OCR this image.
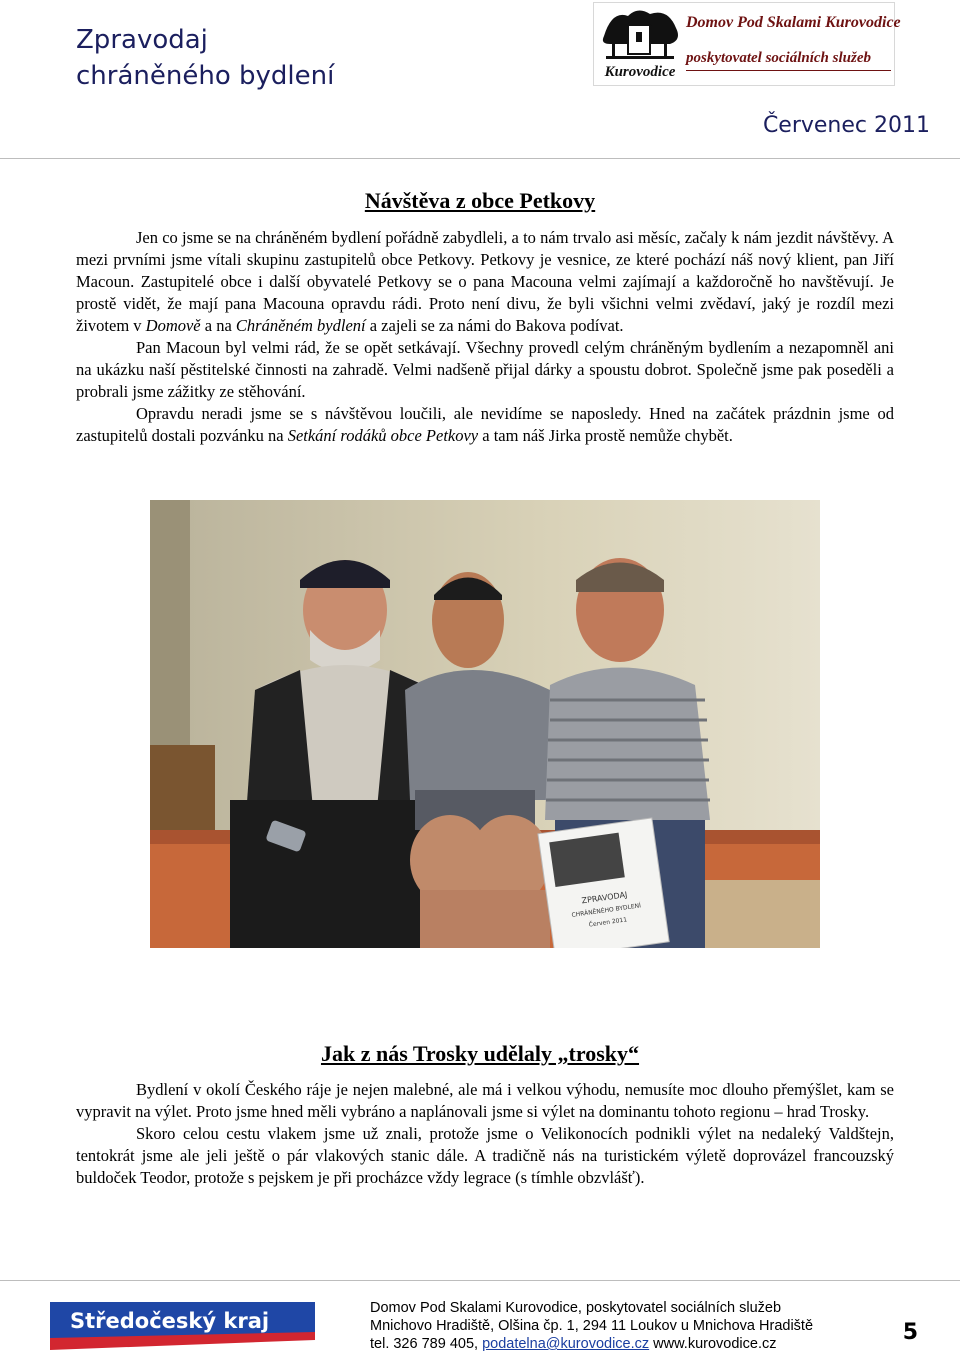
Zpravodaj
chráněného bydlení	Kurovodice
Domov Pod Skalami Kurovodice
poskytovatel sociálních služeb
Červenec 2011
Návštěva z obce Petkovy

Jen co jsme se na chráněném bydlení pořádně zabydleli, a to nám trvalo asi měsíc, začaly k nám jezdit návštěvy. A mezi prvními jsme vítali skupinu zastupitelů obce Petkovy. Petkovy je vesnice, ze které pochází náš nový klient, pan Jiří Macoun. Zastupitelé obce i další obyvatelé Petkovy se o pana Macouna velmi zajímají a každoročně ho navštěvují. Je prostě vidět, že mají pana Macouna opravdu rádi. Proto není divu, že byli všichni velmi zvědaví, jaký je rozdíl mezi životem v Domově a na Chráněném bydlení a zajeli se za námi do Bakova podívat.

Pan Macoun byl velmi rád, že se opět setkávají. Všechny provedl celým chráněným bydlením a nezapomněl ani na ukázku naší pěstitelské činnosti na zahradě. Velmi nadšeně přijal dárky a spoustu dobrot. Společně jsme pak poseděli a probrali jsme zážitky ze stěhování.

Opravdu neradi jsme se s návštěvou loučili, ale nevidíme se naposledy. Hned na začátek prázdnin jsme od zastupitelů dostali pozvánku na Setkání rodáků obce Petkovy a tam náš Jirka prostě nemůže chybět.

ZPRAVODAJ
CHRÁNĚNÉHO BYDLENÍ
Červen 2011
Jak z nás Trosky udělaly „trosky“

Bydlení v okolí Českého ráje je nejen malebné, ale má i velkou výhodu, nemusíte moc dlouho přemýšlet, kam se vypravit na výlet. Proto jsme hned měli vybráno a naplánovali jsme si výlet na dominantu tohoto regionu – hrad Trosky.

Skoro celou cestu vlakem jsme už znali, protože jsme o Velikonocích podnikli výlet na nedaleký Valdštejn, tentokrát jsme ale jeli ještě o pár vlakových stanic dále. A tradičně nás na turistickém výletě doprovázel francouzský buldoček Teodor, protože s pejskem je při procházce vždy legrace (s tímhle obzvlášť).

Středočeský kraj
Domov Pod Skalami Kurovodice, poskytovatel sociálních služeb
Mnichovo Hradiště, Olšina čp. 1, 294 11 Loukov u Mnichova Hradiště
tel. 326 789 405, podatelna@kurovodice.cz www.kurovodice.cz	5
